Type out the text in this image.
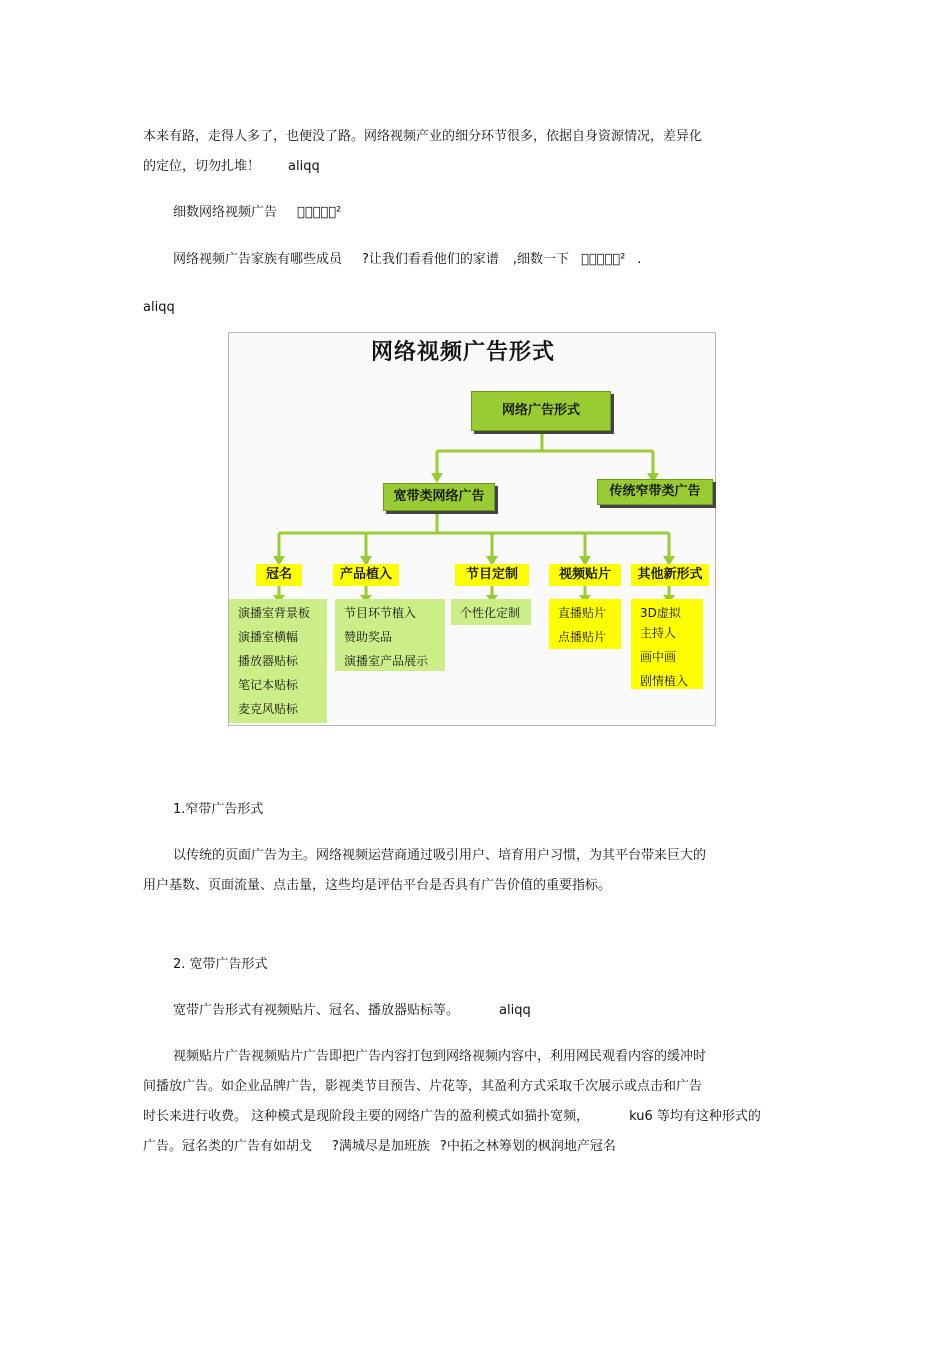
本来有路，走得人多了，也便没了路。网络视频产业的细分环节很多，依据自身资源情况，差异化
的定位，切勿扎堆！ aliqq
细数网络视频广告 𦬰珍宝类型²
网络视频广告家族有哪些成员 ?让我们看看他们的家谱 ,细数一下 𦬰珍宝类型² .
aliqq
网络视频广告形式
网络广告形式
宽带类网络广告	传统窄带类广告
冠名	产品植入	节目定制	视频贴片	其他新形式
演播室背景板
演播室横幅
播放器贴标
笔记本贴标
麦克风贴标
节目环节植入
赞助奖品
演播室产品展示
个性化定制	直播贴片
点播贴片
3D虚拟
主持人
画中画
剧情植入
1.窄带广告形式
以传统的页面广告为主。网络视频运营商通过吸引用户、培育用户习惯，为其平台带来巨大的
用户基数、页面流量、点击量，这些均是评估平台是否具有广告价值的重要指标。
2. 宽带广告形式
宽带广告形式有视频贴片、冠名、播放器贴标等。	aliqq
视频贴片广告视频贴片广告即把广告内容打包到网络视频内容中，利用网民观看内容的缓冲时
间播放广告。如企业品牌广告，影视类节目预告、片花等，其盈利方式采取千次展示或点击和广告
时长来进行收费。 这种模式是现阶段主要的网络广告的盈利模式如猫扑宽频，	ku6 等均有这种形式的
广告。冠名类的广告有如胡戈 ?满城尽是加班族 ?中拓之林筹划的枫润地产冠名
